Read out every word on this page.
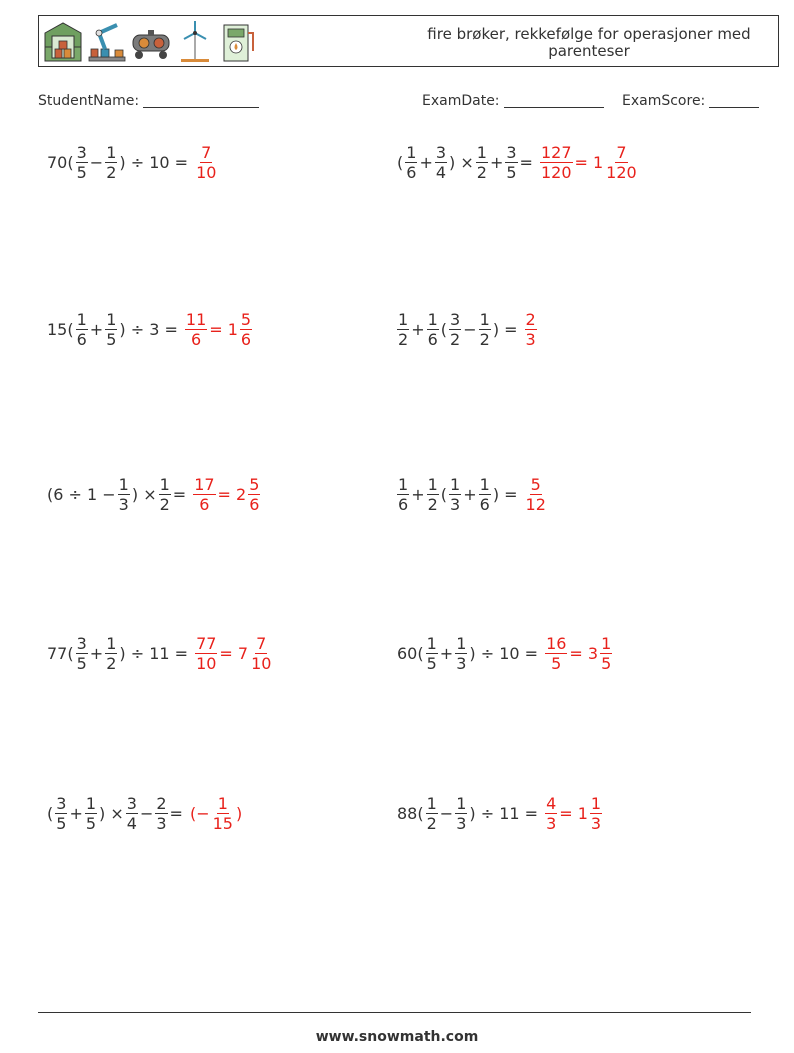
fire brøker, rekkefølge for operasjoner med parenteser
StudentName:	ExamDate:	ExamScore:
$70( \frac{3}{5} - \frac{1}{2}$ ) ÷ $10 = \frac{7}{10}$	( $\frac{1}{6} + \frac{3}{4}$ ) × $\frac{1}{2} + \frac{3}{5} = \frac{127}{120} = 1 \frac{7}{120}$
$15( \frac{1}{6} + \frac{1}{5}$ ) ÷ $3 = \frac{11}{6} = 1 \frac{5}{6}$	$\frac{1}{2} + \frac{1}{6}$ ( $\frac{3}{2} - \frac{1}{2}$ ) = $\frac{2}{3}$
($6 \div 1 - \frac{1}{3}$ ) × $\frac{1}{2} = \frac{17}{6} = 2 \frac{5}{6}$	$\frac{1}{6} + \frac{1}{2}$ ( $\frac{1}{3} + \frac{1}{6}$ ) = $\frac{5}{12}$
$77( \frac{3}{5} + \frac{1}{2}$ ) ÷ $11 = \frac{77}{10} = 7 \frac{7}{10}$	$60( \frac{1}{5} + \frac{1}{3}$ ) ÷ $10 = \frac{16}{5} = 3 \frac{1}{5}$
( $\frac{3}{5} + \frac{1}{5}$ ) × $\frac{3}{4} - \frac{2}{3}$ = (− $\frac{1}{15}$ )	$88( \frac{1}{2} - \frac{1}{3}$ ) ÷ $11 = \frac{4}{3} = 1 \frac{1}{3}$
www.snowmath.com
